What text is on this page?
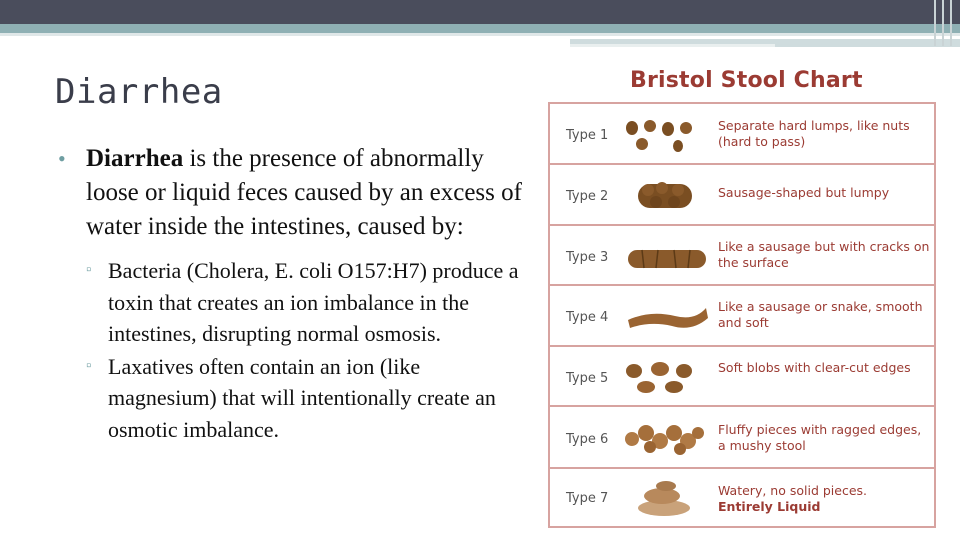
Diarrhea
• Diarrhea is the presence of abnormally loose or liquid feces caused by an excess of water inside the intestines, caused by:
▫ Bacteria (Cholera, E. coli O157:H7) produce a toxin that creates an ion imbalance in the intestines, disrupting normal osmosis.
▫ Laxatives often contain an ion (like magnesium) that will intentionally create an osmotic imbalance.
Bristol Stool Chart
Type 1
Separate hard lumps, like nuts (hard to pass)
Type 2	Sausage-shaped but lumpy
Type 3
Like a sausage but with cracks on the surface
Type 4
Like a sausage or snake, smooth and soft
Type 5
Soft blobs with clear-cut edges
Type 6
Fluffy pieces with ragged edges, a mushy stool
Type 7
Watery, no solid pieces.
Entirely Liquid
